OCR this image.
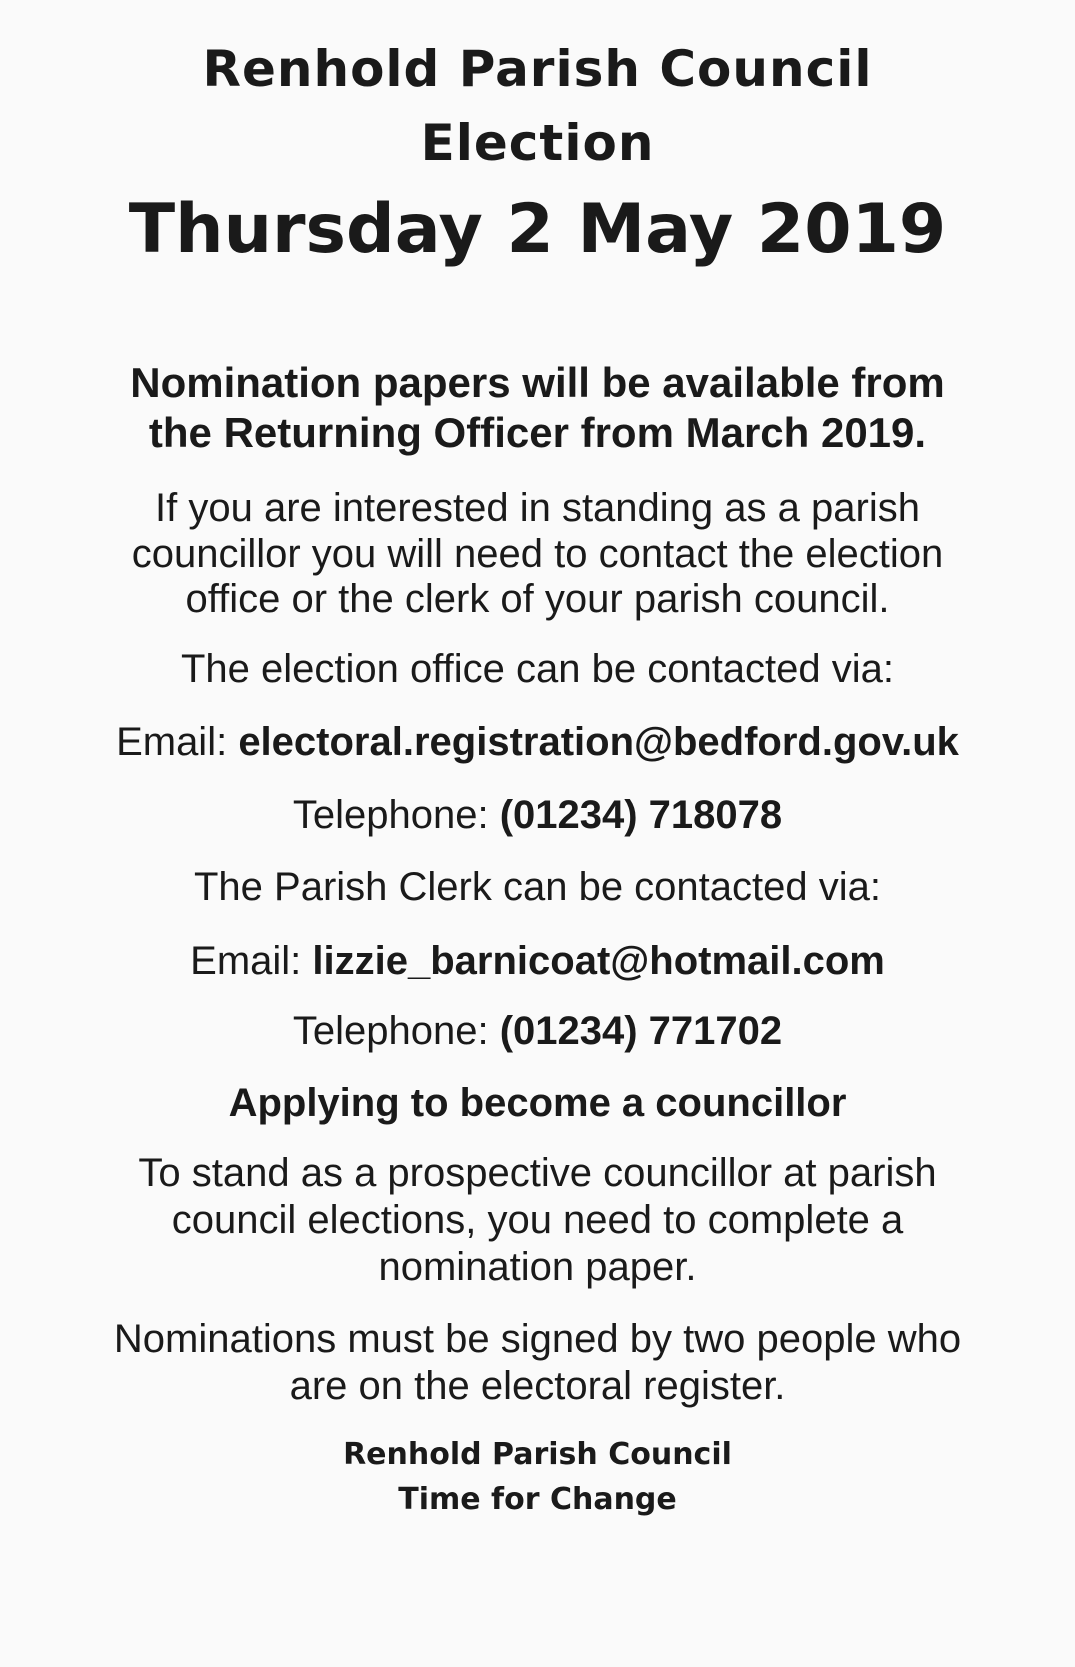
Renhold Parish Council

Election

Thursday 2 May 2019

Nomination papers will be available from

the Returning Officer from March 2019.

If you are interested in standing as a parish

councillor you will need to contact the election

office or the clerk of your parish council.

The election office can be contacted via:

Email: electoral.registration@bedford.gov.uk

Telephone: (01234) 718078

The Parish Clerk can be contacted via:

Email: lizzie_barnicoat@hotmail.com

Telephone: (01234) 771702

Applying to become a councillor

To stand as a prospective councillor at parish

council elections, you need to complete a

nomination paper.

Nominations must be signed by two people who

are on the electoral register.

Renhold Parish Council

Time for Change
